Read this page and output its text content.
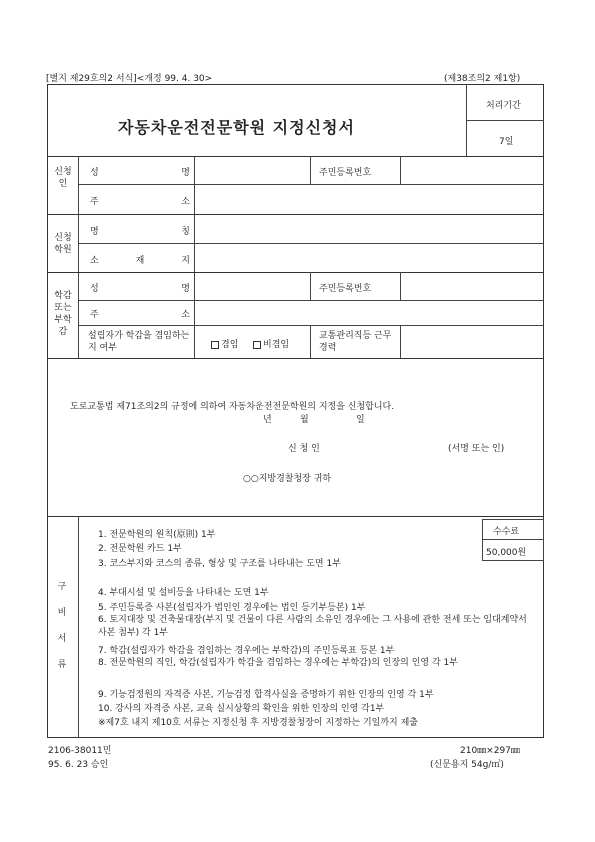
[별지 제29호의2 서식]<개정 99. 4. 30>	(제38조의2 제1항)
자동차운전전문학원 지정신청서
처리기간
7일
신청인
성	명	주민등록번호
주	소
신청학원
명	칭
소	재	지
학감또는부학감
성	명	주민등록번호
주	소
설립자가 학감을 겸임하는지 여부	겸임	비겸임
교통관리직등 근무경력
도로교통법 제71조의2의 규정에 의하여 자동차운전전문학원의 지정을 신청합니다.
년	월	일
신 청 인	(서명 또는 인)
○○지방경찰청장 귀하
구비서류
수수료
50,000원
1. 전문학원의 원칙(原則) 1부
2. 전문학원 카드 1부
3. 코스부지와 코스의 종류, 형상 및 구조를 나타내는 도면 1부
4. 부대시설 및 설비등을 나타내는 도면 1부
5. 주민등록증 사본(설립자가 법인인 경우에는 법인 등기부등본) 1부
6. 토지대장 및 건축물대장(부지 및 건물이 다른 사람의 소유인 경우에는 그 사용에 관한 전세 또는 임대계약서 사본 첨부) 각 1부
7. 학감(설립자가 학감을 겸임하는 경우에는 부학감)의 주민등록표 등본 1부
8. 전문학원의 직인, 학감(설립자가 학감을 겸임하는 경우에는 부학감)의 인장의 인영 각 1부
9. 기능검정원의 자격증 사본, 기능검정 합격사실을 증명하기 위한 인장의 인영 각 1부
10. 강사의 자격증 사본, 교육 실시상황의 확인을 위한 인장의 인영 각1부
※제7호 내지 제10호 서류는 지정신청 후 지방경찰청장이 지정하는 기일까지 제출
2106-38011민
95. 6. 23 승인
210㎜×297㎜
(신문용지 54g/㎡)
